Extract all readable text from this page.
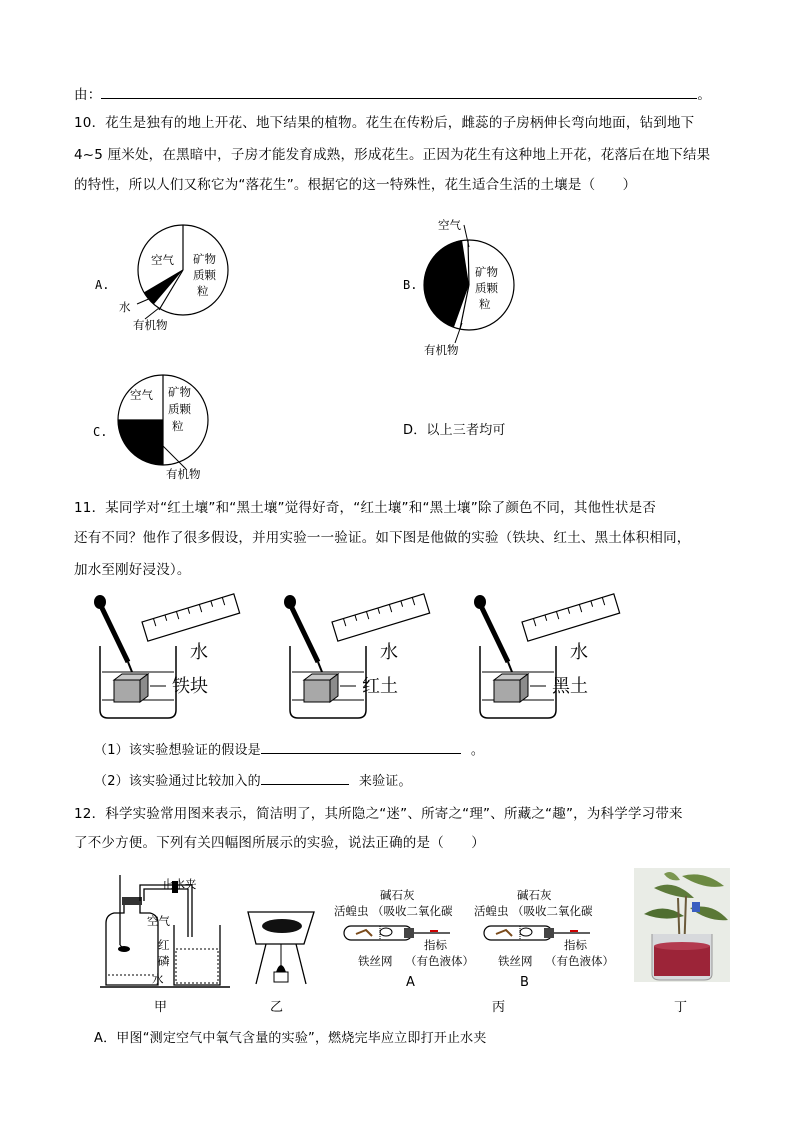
由：	。
10．花生是独有的地上开花、地下结果的植物。花生在传粉后，雌蕊的子房柄伸长弯向地面，钻到地下
4~5 厘米处，在黑暗中，子房才能发育成熟，形成花生。正因为花生有这种地上开花，花落后在地下结果
的特性，所以人们又称它为“落花生”。根据它的这一特殊性，花生适合生活的土壤是（　　）
A.
空气 矿物
质颗
粒
水
有机物
B.
空气
矿物
质颗
粒
有机物
C.
空气 矿物
质颗
粒
有机物
D．以上三者均可
11．某同学对“红土壤”和“黑土壤”觉得好奇，“红土壤”和“黑土壤”除了颜色不同，其他性状是否
还有不同？他作了很多假设，并用实验一一验证。如下图是他做的实验（铁块、红土、黑土体积相同，
加水至刚好浸没）。
水
铁块
水
红土
水
黑土
（1）该实验想验证的假设是	。
（2）该实验通过比较加入的	来验证。
12．科学实验常用图来表示，简洁明了，其所隐之“迷”、所寄之“理”、所藏之“趣”，为科学学习带来
了不少方便。下列有关四幅图所展示的实验，说法正确的是（　　）
止水夹
空气
红
磷
水
甲	乙
碱石灰
活蝗虫 （吸收二氧化碳
指标
铁丝网 （有色液体）
A
碱石灰
活蝗虫 （吸收二氧化碳
指标
铁丝网 （有色液体）
B
丙	丁
A．甲图“测定空气中氧气含量的实验”，燃烧完毕应立即打开止水夹
